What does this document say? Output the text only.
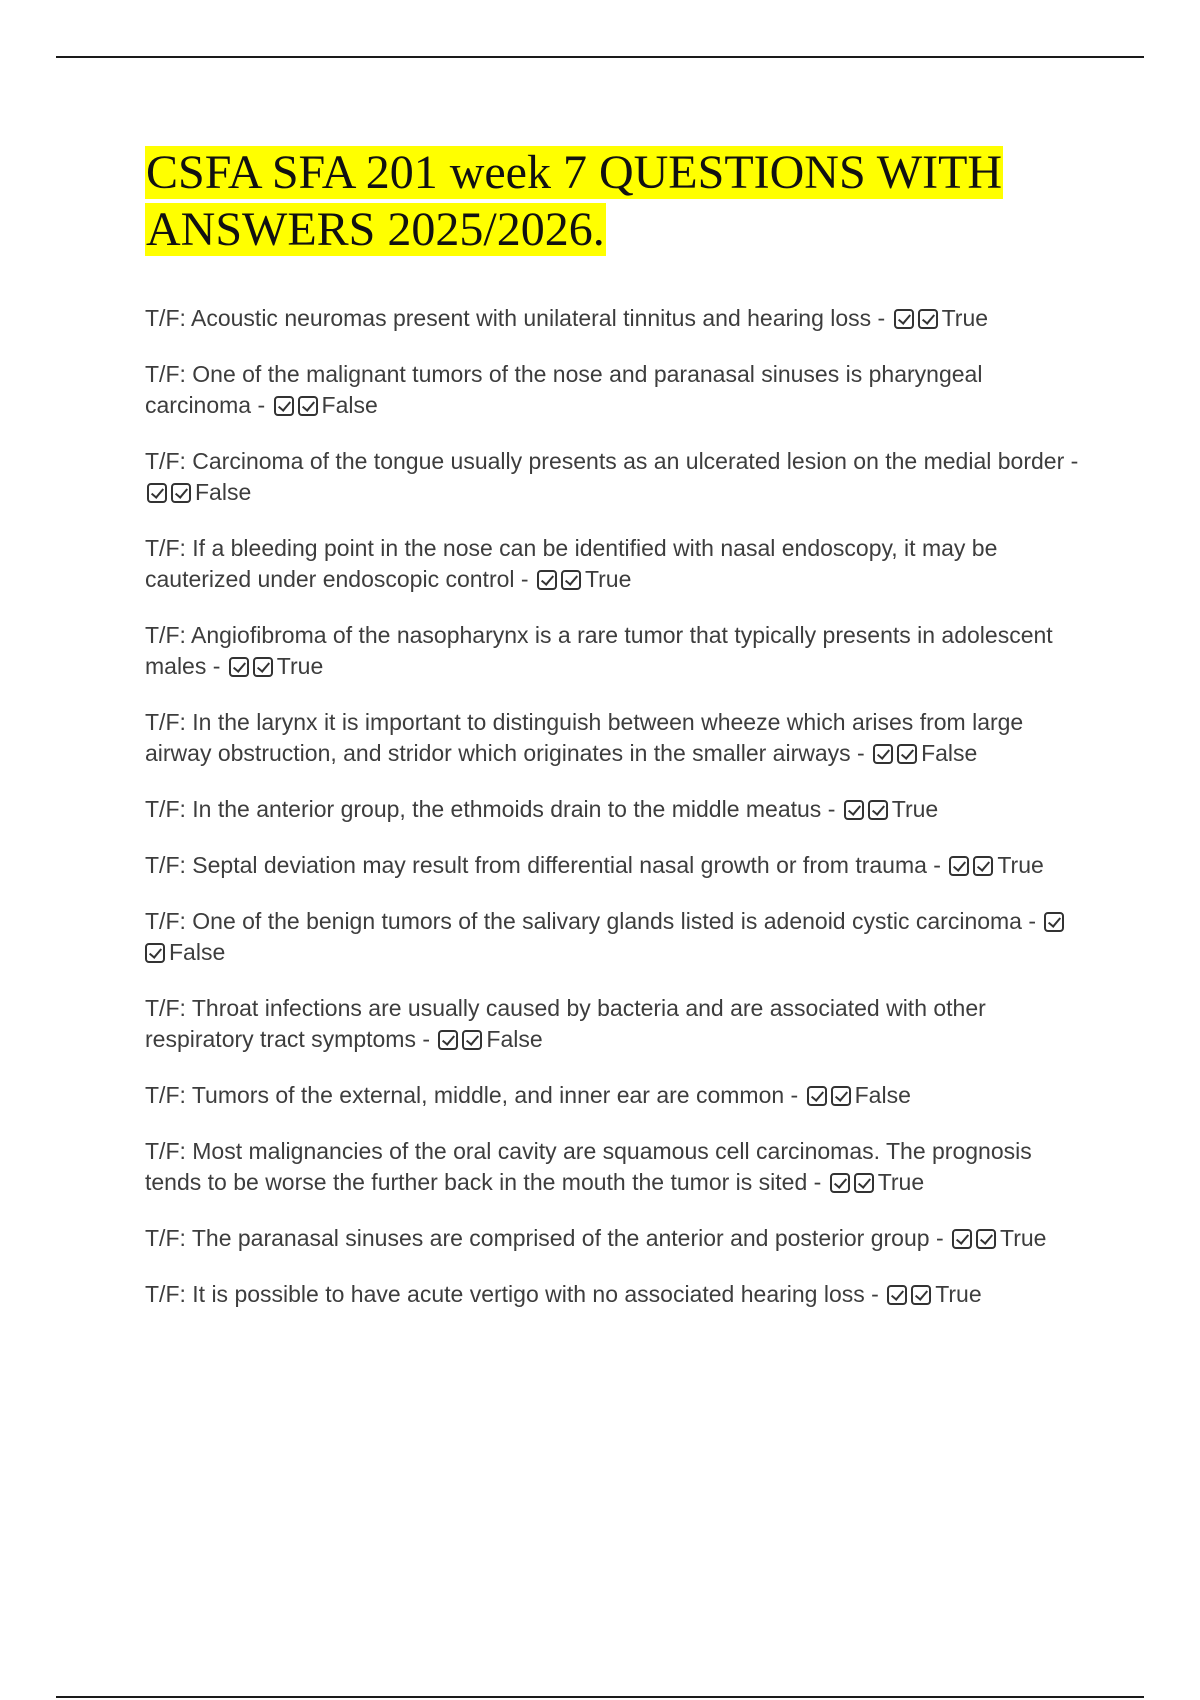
CSFA SFA 201 week 7 QUESTIONS WITH ANSWERS 2025/2026.

T/F: Acoustic neuromas present with unilateral tinnitus and hearing loss - True

T/F: One of the malignant tumors of the nose and paranasal sinuses is pharyngeal carcinoma - False

T/F: Carcinoma of the tongue usually presents as an ulcerated lesion on the medial border - False

T/F: If a bleeding point in the nose can be identified with nasal endoscopy, it may be cauterized under endoscopic control - True

T/F: Angiofibroma of the nasopharynx is a rare tumor that typically presents in adolescent males - True

T/F: In the larynx it is important to distinguish between wheeze which arises from large airway obstruction, and stridor which originates in the smaller airways - False

T/F: In the anterior group, the ethmoids drain to the middle meatus - True

T/F: Septal deviation may result from differential nasal growth or from trauma - True

T/F: One of the benign tumors of the salivary glands listed is adenoid cystic carcinoma - False

T/F: Throat infections are usually caused by bacteria and are associated with other respiratory tract symptoms - False

T/F: Tumors of the external, middle, and inner ear are common - False

T/F: Most malignancies of the oral cavity are squamous cell carcinomas. The prognosis tends to be worse the further back in the mouth the tumor is sited - True

T/F: The paranasal sinuses are comprised of the anterior and posterior group - True

T/F: It is possible to have acute vertigo with no associated hearing loss - True
